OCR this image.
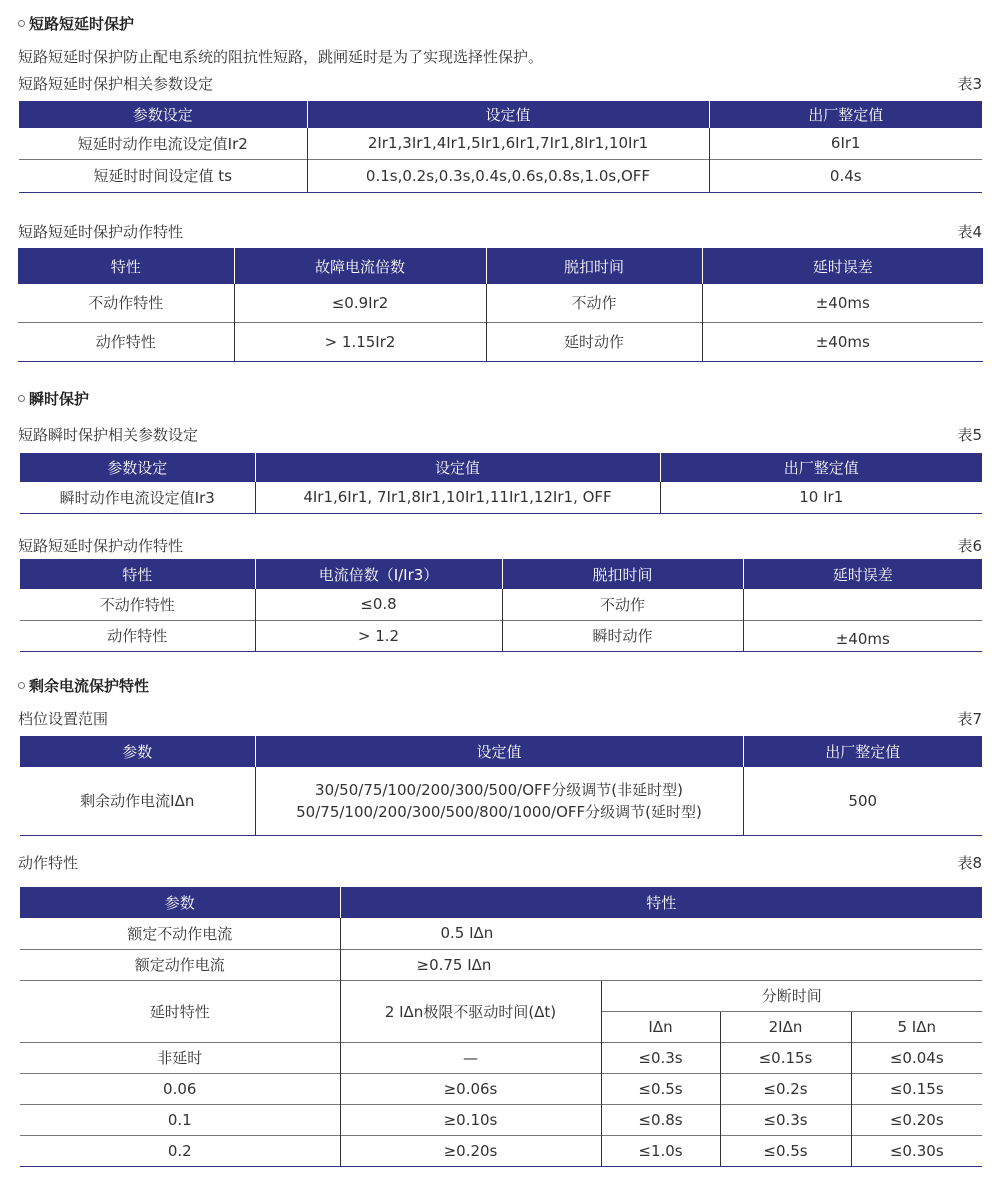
短路短延时保护
短路短延时保护防止配电系统的阻抗性短路，跳闸延时是为了实现选择性保护。
短路短延时保护相关参数设定	表3
参数设定	设定值	出厂整定值
短延时动作电流设定值Ir2	2Ir1,3Ir1,4Ir1,5Ir1,6Ir1,7Ir1,8Ir1,10Ir1	6Ir1
短延时时间设定值 ts	0.1s,0.2s,0.3s,0.4s,0.6s,0.8s,1.0s,OFF	0.4s
短路短延时保护动作特性	表4
特性	故障电流倍数	脱扣时间	延时误差
不动作特性	≤0.9Ir2	不动作	±40ms
动作特性	> 1.15Ir2	延时动作	±40ms
瞬时保护
短路瞬时保护相关参数设定	表5
参数设定	设定值	出厂整定值
瞬时动作电流设定值Ir3	4Ir1,6Ir1, 7Ir1,8Ir1,10Ir1,11Ir1,12Ir1, OFF	10 Ir1
短路短延时保护动作特性	表6
特性	电流倍数（I/Ir3）	脱扣时间	延时误差
不动作特性	≤0.8	不动作	
动作特性	> 1.2	瞬时动作	±40ms
剩余电流保护特性
档位设置范围	表7
参数	设定值	出厂整定值
剩余动作电流IΔn	30/50/75/100/200/300/500/OFF分级调节(非延时型)
50/75/100/200/300/500/800/1000/OFF分级调节(延时型)	500
动作特性	表8
参数	特性			
额定不动作电流	0.5 IΔn			
额定动作电流	≥0.75 IΔn			
延时特性	2 IΔn极限不驱动时间(Δt)	分断时间		
		IΔn	2IΔn	5 IΔn
非延时	—	≤0.3s	≤0.15s	≤0.04s
0.06	≥0.06s	≤0.5s	≤0.2s	≤0.15s
0.1	≥0.10s	≤0.8s	≤0.3s	≤0.20s
0.2	≥0.20s	≤1.0s	≤0.5s	≤0.30s
